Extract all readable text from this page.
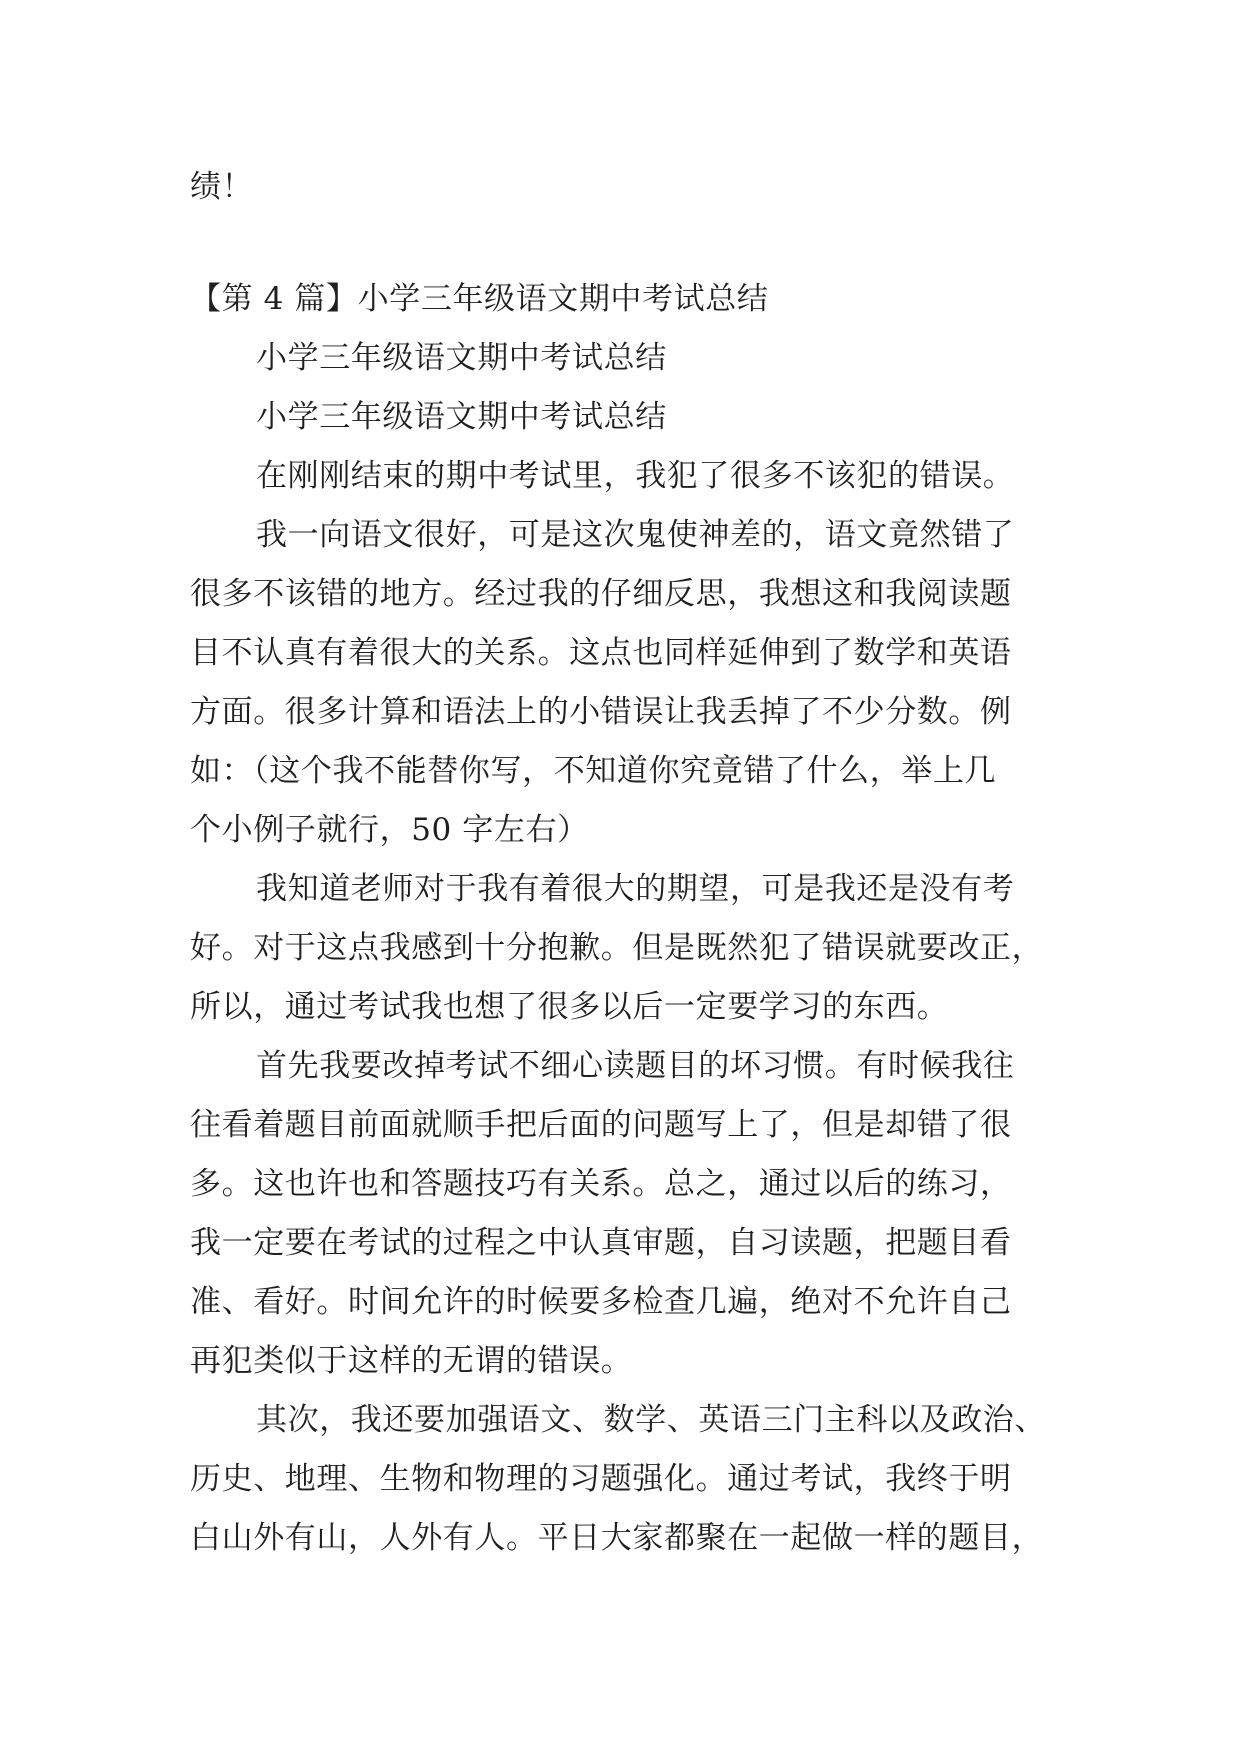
绩！
【第 4 篇】小学三年级语文期中考试总结
小学三年级语文期中考试总结
小学三年级语文期中考试总结
在刚刚结束的期中考试里，我犯了很多不该犯的错误。
我一向语文很好，可是这次鬼使神差的，语文竟然错了
很多不该错的地方。经过我的仔细反思，我想这和我阅读题
目不认真有着很大的关系。这点也同样延伸到了数学和英语
方面。很多计算和语法上的小错误让我丢掉了不少分数。例
如：（这个我不能替你写，不知道你究竟错了什么，举上几
个小例子就行，50 字左右）
我知道老师对于我有着很大的期望，可是我还是没有考
好。对于这点我感到十分抱歉。但是既然犯了错误就要改正，
所以，通过考试我也想了很多以后一定要学习的东西。
首先我要改掉考试不细心读题目的坏习惯。有时候我往
往看着题目前面就顺手把后面的问题写上了，但是却错了很
多。这也许也和答题技巧有关系。总之，通过以后的练习，
我一定要在考试的过程之中认真审题，自习读题，把题目看
准、看好。时间允许的时候要多检查几遍，绝对不允许自己
再犯类似于这样的无谓的错误。
其次，我还要加强语文、数学、英语三门主科以及政治、
历史、地理、生物和物理的习题强化。通过考试，我终于明
白山外有山，人外有人。平日大家都聚在一起做一样的题目，
